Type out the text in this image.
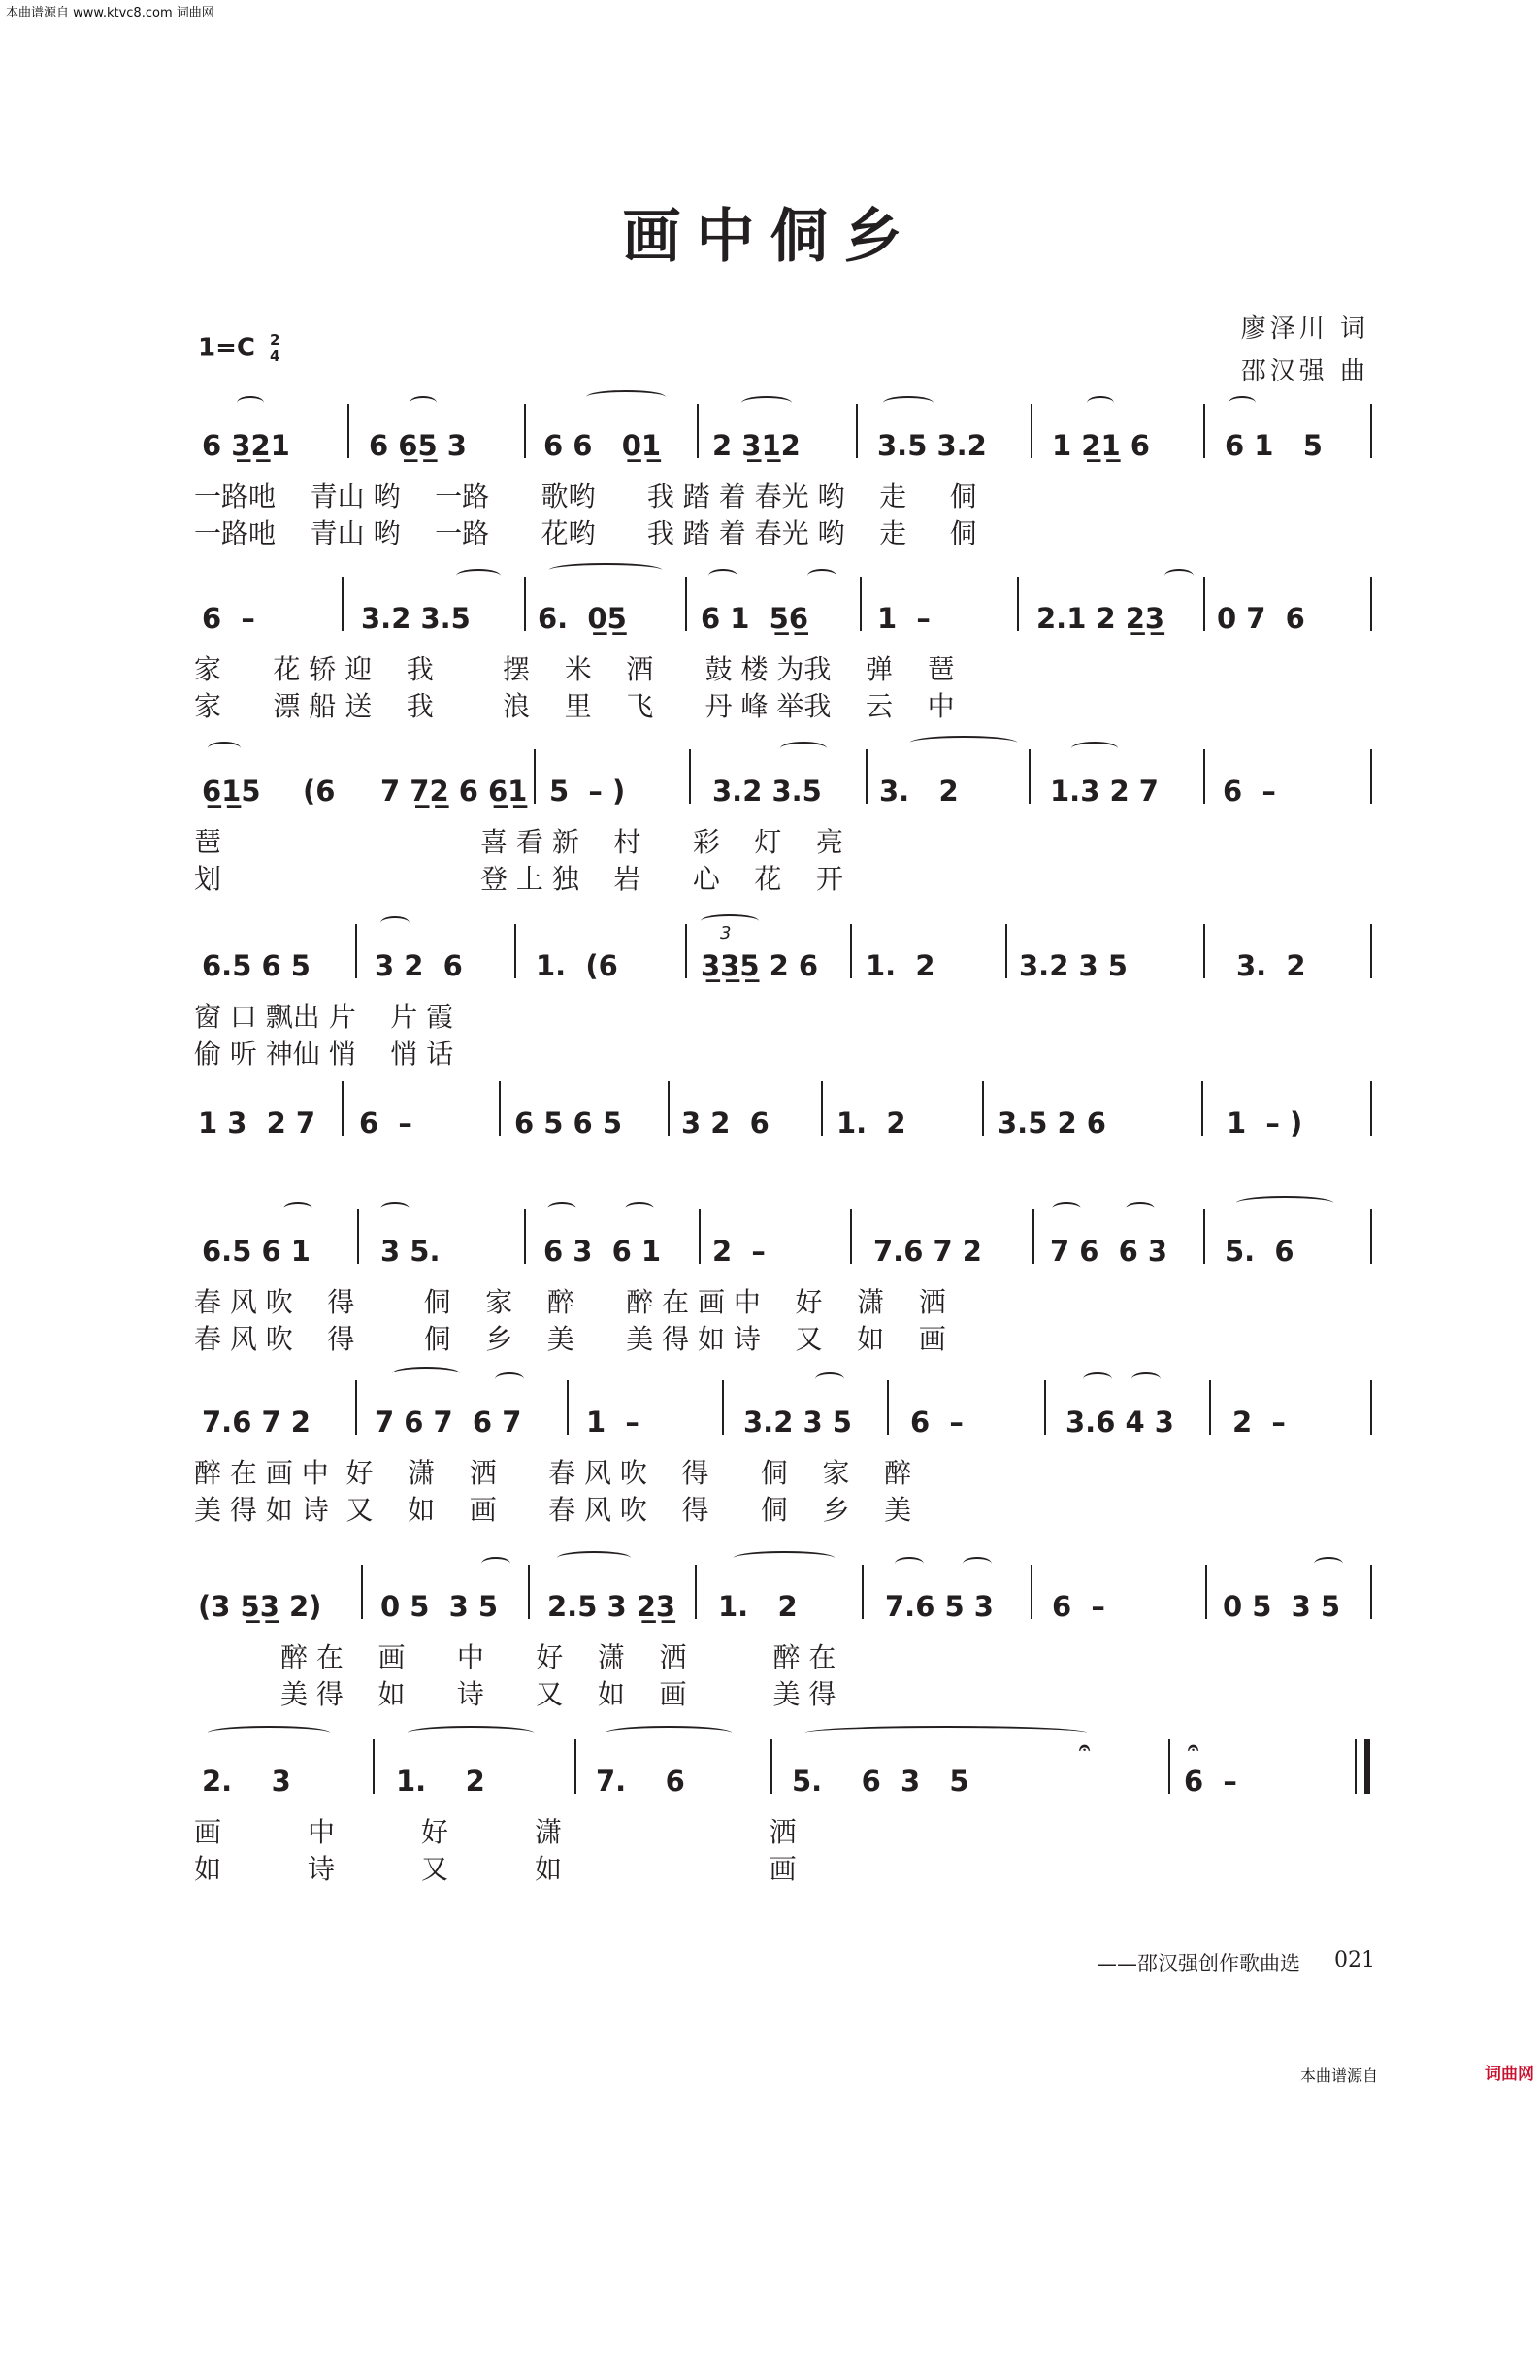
本曲谱源自 www.ktvc8.com 词曲网
画中侗乡
1=C 2
4
廖泽川 词
邵汉强 曲

6 3̲2̲1

	6 6̲5̲ 3

	6 6   0̲1̲

2 3̲1̲2

	3.5 3.2

1 2̲1̲ 6

	6 1   5

一路吔    青山 哟    一路      歌哟      我 踏 着 春光 哟    走     侗
一路吔    青山 哟    一路      花哟      我 踏 着 春光 哟    走     侗

6  –

	3.2 3.5

6.  0̲5̲

	6 1  5̲6̲

1  –

	2.1 2 2̲3̲

0 7  6

家      花 轿 迎    我        摆    米    酒      鼓 楼 为我    弹    琶
家      漂 船 送    我        浪    里    飞      丹 峰 举我    云    中

6̲1̲5

(6

7 7̲2̲ 6 6̲1̲

5  – )

	3.2 3.5

3.   2

	1.3 2 7

6  –

琶                              喜 看 新    村      彩    灯    亮
划                              登 上 独    岩      心    花    开

6.5 6 5

3 2  6

	1.  (6

	3̲3̲5̲ 2 6

1.  2

	3.2 3 5

	3.  2

3

窗 口 飘出 片    片 霞
偷 听 神仙 悄    悄 话

1 3  2 7

6  –

	6 5 6 5

3 2  6

1.  2

	3.5 2 6

	1  – )

6.5 6 1

3 5.

	6 3  6 1

2  –

	7.6 7 2

7 6  6 3

5.  6

春 风 吹    得        侗    家    醉      醉 在 画 中    好    潇    洒
春 风 吹    得        侗    乡    美      美 得 如 诗    又    如    画

7.6 7 2

7 6 7  6 7

1  –

	3.2 3 5

6  –

	3.6 4 3

2  –

醉 在 画 中  好    潇    洒      春 风 吹    得      侗    家    醉
美 得 如 诗  又    如    画      春 风 吹    得      侗    乡    美

(3 5̲3̲ 2)

0 5  3 5

2.5 3 2̲3̲

1.   2

	7.6 5 3

6  –

	0 5  3 5

醉 在    画      中      好    潇    洒          醉 在
美 得    如      诗      又    如    画          美 得

2.    3

	1.    2

	7.    6

	5.    6  3   5

	6  –

𝄐

	𝄐

画          中          好          潇                        洒
如          诗          又          如                        画
——邵汉强创作歌曲选 021
本曲谱源自	词曲网
